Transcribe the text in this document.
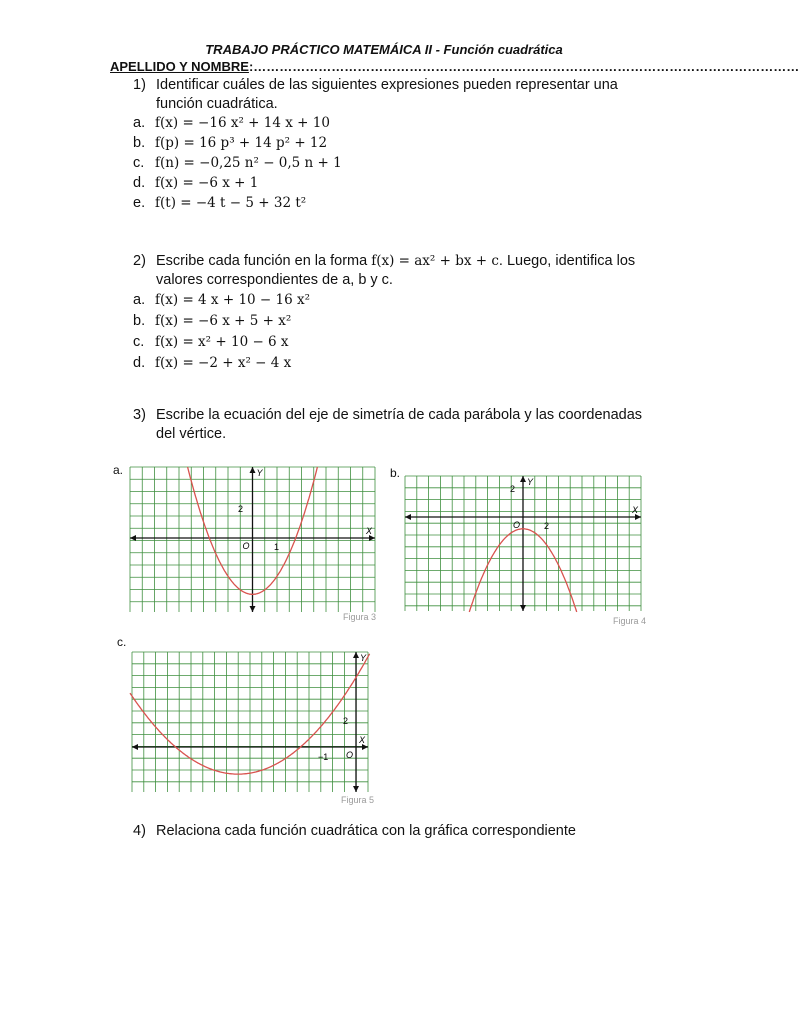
TRABAJO PRÁCTICO MATEMÁICA II - Función cuadrática
APELLIDO Y NOMBRE:………………………………………………………………………………………………………………
1) Identificar cuáles de las siguientes expresiones pueden representar una función cuadrática.
a. f(x) = −16 x² + 14 x + 10
b. f(p) = 16 p³ + 14 p² + 12
c. f(n) = −0,25 n² − 0,5 n + 1
d. f(x) = −6 x + 1
e. f(t) = −4 t − 5 + 32 t²
2) Escribe cada función en la forma f(x) = ax² + bx + c. Luego, identifica los valores correspondientes de a, b y c.
a. f(x) = 4 x + 10 − 16 x²
b. f(x) = −6 x + 5 + x²
c. f(x) = x² + 10 − 6 x
d. f(x) = −2 + x² − 4 x
3) Escribe la ecuación del eje de simetría de cada parábola y las coordenadas del vértice.
a.	Y
X
O
2
1
Figura 3
b.
Y
X
O
2
2
Figura 4
c.
Y
X
O
2
−1
Figura 5
4) Relaciona cada función cuadrática con la gráfica correspondiente
